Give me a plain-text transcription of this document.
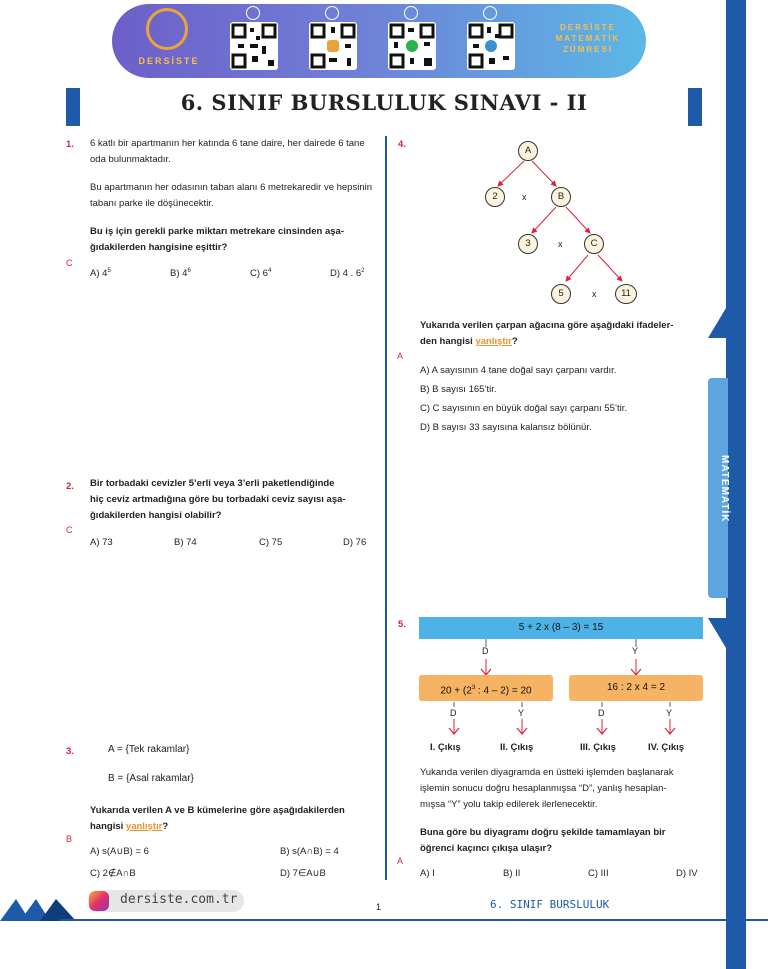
DERSİSTE
DERSİSTE
MATEMATİK
ZÜMRESİ
6. SINIF BURSLULUK SINAVI - II
MATEMATİK
1. 6 katlı bir apartmanın her katında 6 tane daire, her dairede 6 tane oda bulunmaktadır.
Bu apartmanın her odasının taban alanı 6 metrekaredir ve hepsinin tabanı parke ile döşünecektir.
Bu iş için gerekli parke miktarı metrekare cinsinden aşa-
ğıdakilerden hangisine eşittir?
C
A) $4^5$	B) $4^6$	C) $6^4$	D) 4 . $6^2$
2. Bir torbadaki cevizler 5’erli veya 3’erli paketlendiğinde
hiç ceviz artmadığına göre bu torbadaki ceviz sayısı aşa-
ğıdakilerden hangisi olabilir?
C
A) 73	B) 74	C) 75	D) 76
3.	A = {Tek rakamlar}
B = {Asal rakamlar}
Yukarıda verilen A ve B kümelerine göre aşağıdakilerden
hangisi yanlıştır?
B
A) s(A∪B) = 6	B) s(A∩B) = 4
C) 2∉A∩B	D) 7∈A∪B
4.
A
2	x	B
3	x	C
5	x	11
Yukarıda verilen çarpan ağacına göre aşağıdaki ifadeler-
den hangisi yanlıştır?
A
A) A sayısının 4 tane doğal sayı çarpanı vardır.
B) B sayısı 165’tir.
C) C sayısının en büyük doğal sayı çarpanı 55’tir.
D) B sayısı 33 sayısına kalansız bölünür.
5.	5 + 2 x (8 – 3) = 15
D	Y
$20 + (2^3$ : 4 – 2) = 20	16 : 2 x 4 = 2
D	Y	D	Y
I. Çıkış	II. Çıkış	III. Çıkış	IV. Çıkış
Yukarıda verilen diyagramda en üstteki işlemden başlanarak
işlemin sonucu doğru hesaplanmışsa “D”, yanlış hesaplan-
mışsa “Y” yolu takip edilerek ilerlenecektir.
Buna göre bu diyagramı doğru şekilde tamamlayan bir
öğrenci kaçıncı çıkışa ulaşır?
A
A) I	B) II	C) III	D) IV
dersiste.com.tr	1	6. SINIF BURSLULUK
